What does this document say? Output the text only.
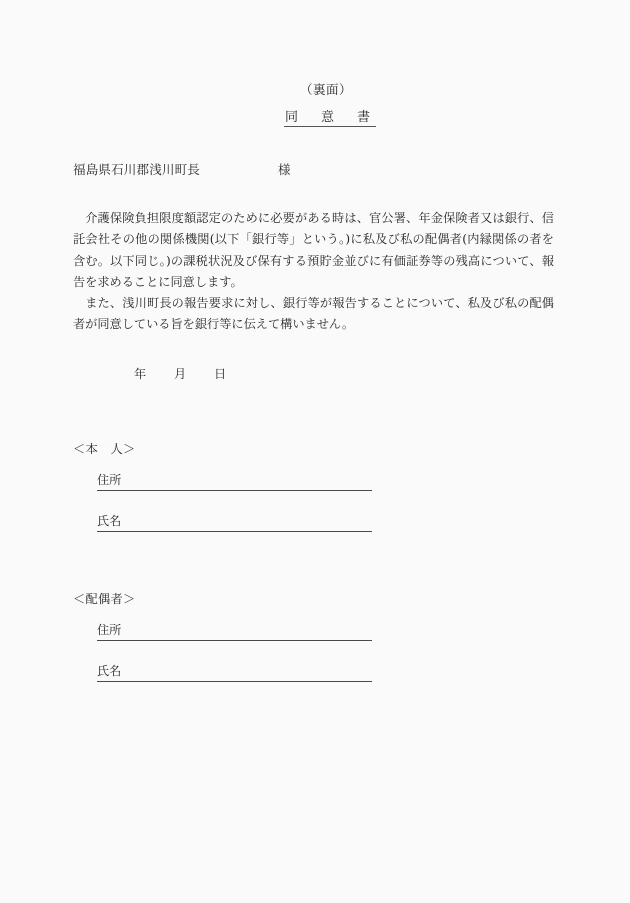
（裏面）
同　意　書
福島県石川郡浅川町長	様

介護保険負担限度額認定のために必要がある時は、官公署、年金保険者又は銀行、信託会社その他の関係機関(以下「銀行等」という。)に私及び私の配偶者(内縁関係の者を含む。以下同じ。)の課税状況及び保有する預貯金並びに有価証券等の残高について、報告を求めることに同意します。

また、浅川町長の報告要求に対し、銀行等が報告することについて、私及び私の配偶者が同意している旨を銀行等に伝えて構いません。

年 月 日
＜本　人＞
住所
氏名
＜配偶者＞
住所
氏名
